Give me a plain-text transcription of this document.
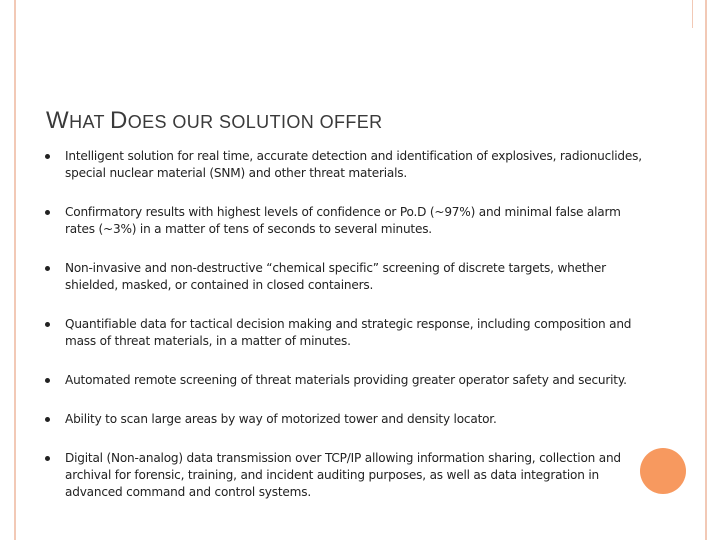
WHAT DOES OUR SOLUTION OFFER
Intelligent solution for real time, accurate detection and identification of explosives, radionuclides, special nuclear material (SNM) and other threat materials.
Confirmatory results with highest levels of confidence or Po.D (~97%) and minimal false alarm rates (~3%) in a matter of tens of seconds to several minutes.
Non-invasive and non-destructive “chemical specific” screening of discrete targets, whether shielded, masked, or contained in closed containers.
Quantifiable data for tactical decision making and strategic response, including composition and mass of threat materials, in a matter of minutes.
Automated remote screening of threat materials providing greater operator safety and security.
Ability to scan large areas by way of motorized tower and density locator.
Digital (Non-analog) data transmission over TCP/IP allowing information sharing, collection and archival for forensic, training, and incident auditing purposes, as well as data integration in advanced command and control systems.
